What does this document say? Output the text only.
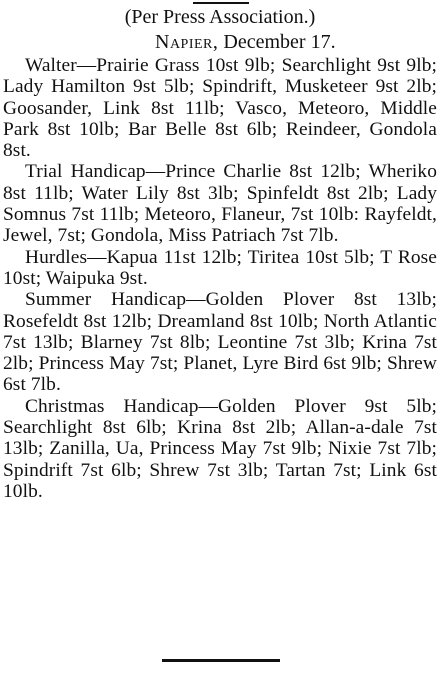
(Per Press Association.)
Napier, December 17.

Walter—Prairie Grass 10st 9lb; Searchlight 9st 9lb; Lady Hamilton 9st 5lb; Spindrift, Musketeer 9st 2lb; Goosander, Link 8st 11lb; Vasco, Meteoro, Middle Park 8st 10lb; Bar Belle 8st 6lb; Reindeer, Gondola 8st.

Trial Handicap—Prince Charlie 8st 12lb; Wheriko 8st 11lb; Water Lily 8st 3lb; Spinfeldt 8st 2lb; Lady Somnus 7st 11lb; Meteoro, Flaneur, 7st 10lb: Rayfeldt, Jewel, 7st; Gondola, Miss Patriach 7st 7lb.

Hurdles—Kapua 11st 12lb; Tiritea 10st 5lb; T Rose 10st; Waipuka 9st.

Summer Handicap—Golden Plover 8st 13lb; Rosefeldt 8st 12lb; Dreamland 8st 10lb; North Atlantic 7st 13lb; Blarney 7st 8lb; Leontine 7st 3lb; Krina 7st 2lb; Princess May 7st; Planet, Lyre Bird 6st 9lb; Shrew 6st 7lb.

Christmas Handicap—Golden Plover 9st 5lb; Searchlight 8st 6lb; Krina 8st 2lb; Allan-a-dale 7st 13lb; Zanilla, Ua, Princess May 7st 9lb; Nixie 7st 7lb; Spindrift 7st 6lb; Shrew 7st 3lb; Tartan 7st; Link 6st 10lb.
